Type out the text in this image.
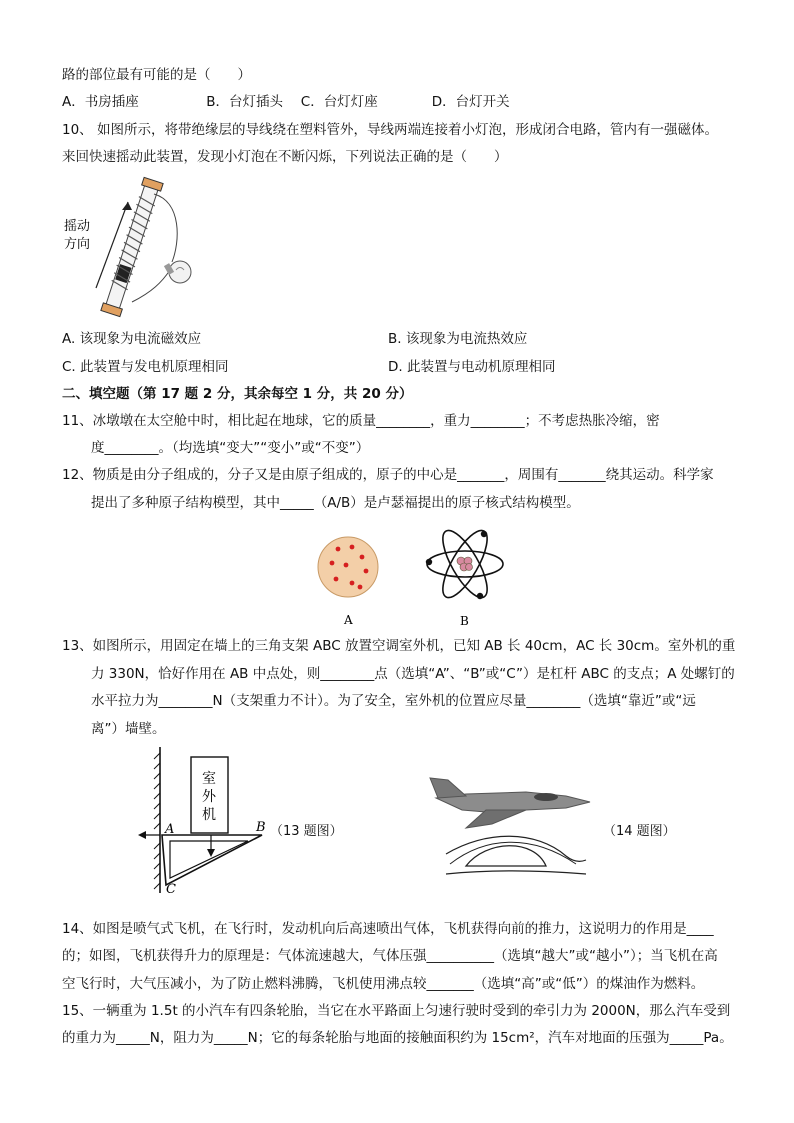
路的部位最有可能的是（　　）
A．书房插座　　　　　B．台灯插头　 C．台灯灯座　　　　D．台灯开关
10、 如图所示，将带绝缘层的导线绕在塑料管外，导线两端连接着小灯泡，形成闭合电路，管内有一强磁体。
来回快速摇动此装置，发现小灯泡在不断闪烁，下列说法正确的是（　　）
摇动
方向
A. 该现象为电流磁效应	B. 该现象为电流热效应
C. 此装置与发电机原理相同	D. 此装置与电动机原理相同
二、填空题（第 17 题 2 分，其余每空 1 分，共 20 分）
11、冰墩墩在太空舱中时，相比起在地球，它的质量________，重力________；不考虑热胀冷缩，密
度________。（均选填“变大”“变小”或“不变”）
12、物质是由分子组成的，分子又是由原子组成的，原子的中心是_______，周围有_______绕其运动。科学家
提出了多种原子结构模型，其中_____（A/B）是卢瑟福提出的原子核式结构模型。
A	B
13、如图所示，用固定在墙上的三角支架 ABC 放置空调室外机，已知 AB 长 40cm，AC 长 30cm。室外机的重
力 330N，恰好作用在 AB 中点处，则________点（选填“A”、“B”或“C”）是杠杆 ABC 的支点；A 处螺钉的
水平拉力为________N（支架重力不计）。为了安全，室外机的位置应尽量________（选填“靠近”或“远
离”）墙壁。
室
外
机
A	B
C
（13 题图）	（14 题图）
14、如图是喷气式飞机，在飞行时，发动机向后高速喷出气体，飞机获得向前的推力，这说明力的作用是____
的；如图，飞机获得升力的原理是：气体流速越大，气体压强__________（选填“越大”或“越小”）；当飞机在高
空飞行时，大气压减小，为了防止燃料沸腾，飞机使用沸点较_______（选填“高”或“低”）的煤油作为燃料。
15、一辆重为 1.5t 的小汽车有四条轮胎，当它在水平路面上匀速行驶时受到的牵引力为 2000N，那么汽车受到
的重力为_____N，阻力为_____N；它的每条轮胎与地面的接触面积约为 15cm²，汽车对地面的压强为_____Pa。
